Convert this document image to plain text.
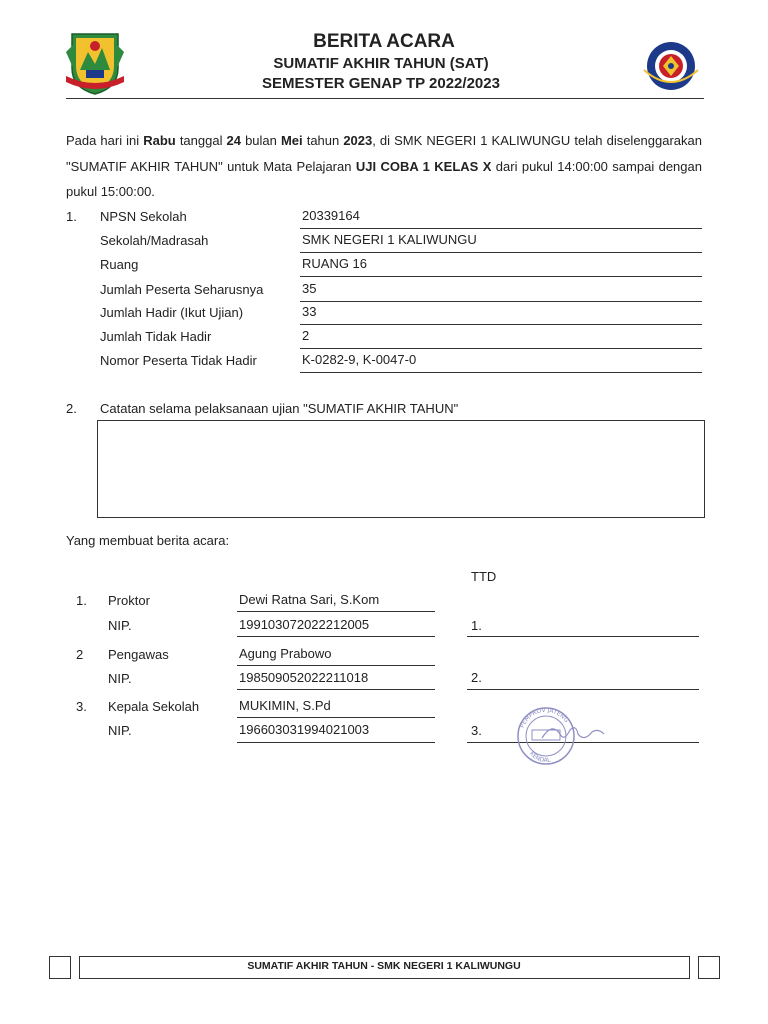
BERITA ACARA
SUMATIF AKHIR TAHUN (SAT)
SEMESTER GENAP TP 2022/2023
Pada hari ini Rabu tanggal 24 bulan Mei tahun 2023, di SMK NEGERI 1 KALIWUNGU telah diselenggarakan "SUMATIF AKHIR TAHUN" untuk Mata Pelajaran UJI COBA 1 KELAS X dari pukul 14:00:00 sampai dengan pukul 15:00:00.
1. NPSN Sekolah	20339164
Sekolah/Madrasah	SMK NEGERI 1 KALIWUNGU
Ruang	RUANG 16
Jumlah Peserta Seharusnya	35
Jumlah Hadir (Ikut Ujian)	33
Jumlah Tidak Hadir	2
Nomor Peserta Tidak Hadir	K-0282-9, K-0047-0
2. Catatan selama pelaksanaan ujian "SUMATIF AKHIR TAHUN"
Yang membuat berita acara:
TTD
1. Proktor	Dewi Ratna Sari, S.Kom
NIP.	199103072022212005	1.
2 Pengawas	Agung Prabowo
NIP.	198509052022211018	2.
3. Kepala Sekolah	MUKIMIN, S.Pd
NIP.	196603031994021003	3.	PEMPROV JATENG
KENDAL
SUMATIF AKHIR TAHUN - SMK NEGERI 1 KALIWUNGU
